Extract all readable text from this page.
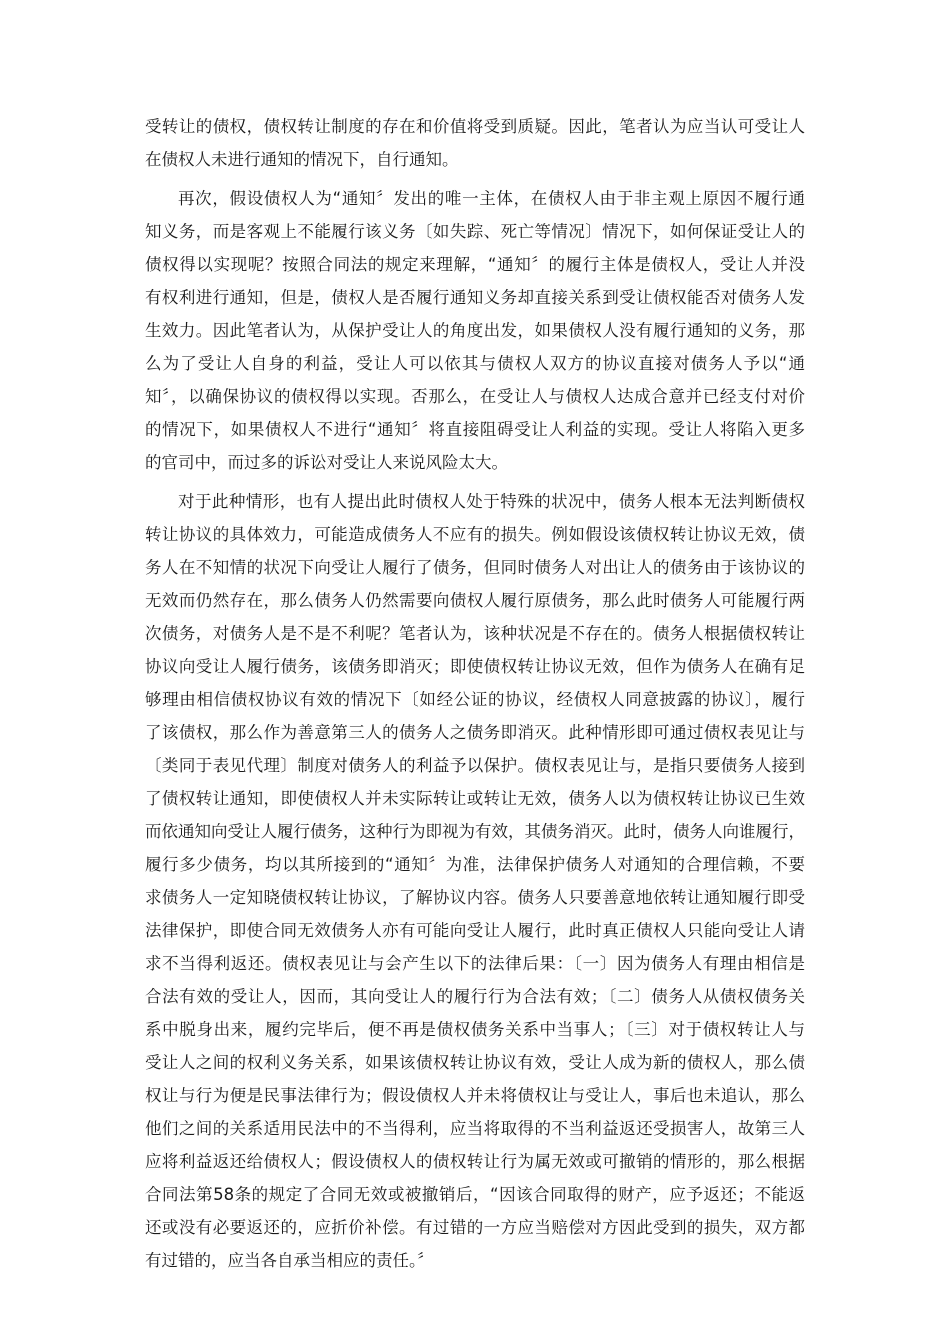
受转让的债权，债权转让制度的存在和价值将受到质疑。因此，笔者认为应当认可受让人
在债权人未进行通知的情况下，自行通知。
再次，假设债权人为“通知〞发出的唯一主体，在债权人由于非主观上原因不履行通
知义务，而是客观上不能履行该义务〔如失踪、死亡等情况〕情况下，如何保证受让人的
债权得以实现呢？按照合同法的规定来理解，“通知〞的履行主体是债权人，受让人并没
有权利进行通知，但是，债权人是否履行通知义务却直接关系到受让债权能否对债务人发
生效力。因此笔者认为，从保护受让人的角度出发，如果债权人没有履行通知的义务，那
么为了受让人自身的利益，受让人可以依其与债权人双方的协议直接对债务人予以“通
知〞，以确保协议的债权得以实现。否那么，在受让人与债权人达成合意并已经支付对价
的情况下，如果债权人不进行“通知〞将直接阻碍受让人利益的实现。受让人将陷入更多
的官司中，而过多的诉讼对受让人来说风险太大。
对于此种情形，也有人提出此时债权人处于特殊的状况中，债务人根本无法判断债权
转让协议的具体效力，可能造成债务人不应有的损失。例如假设该债权转让协议无效，债
务人在不知情的状况下向受让人履行了债务，但同时债务人对出让人的债务由于该协议的
无效而仍然存在，那么债务人仍然需要向债权人履行原债务，那么此时债务人可能履行两
次债务，对债务人是不是不利呢？笔者认为，该种状况是不存在的。债务人根据债权转让
协议向受让人履行债务，该债务即消灭；即使债权转让协议无效，但作为债务人在确有足
够理由相信债权协议有效的情况下〔如经公证的协议，经债权人同意披露的协议〕，履行
了该债权，那么作为善意第三人的债务人之债务即消灭。此种情形即可通过债权表见让与
〔类同于表见代理〕制度对债务人的利益予以保护。债权表见让与，是指只要债务人接到
了债权转让通知，即使债权人并未实际转让或转让无效，债务人以为债权转让协议已生效
而依通知向受让人履行债务，这种行为即视为有效，其债务消灭。此时，债务人向谁履行，
履行多少债务，均以其所接到的“通知〞为准，法律保护债务人对通知的合理信赖，不要
求债务人一定知晓债权转让协议，了解协议内容。债务人只要善意地依转让通知履行即受
法律保护，即使合同无效债务人亦有可能向受让人履行，此时真正债权人只能向受让人请
求不当得利返还。债权表见让与会产生以下的法律后果：〔一〕因为债务人有理由相信是
合法有效的受让人，因而，其向受让人的履行行为合法有效；〔二〕债务人从债权债务关
系中脱身出来，履约完毕后，便不再是债权债务关系中当事人；〔三〕对于债权转让人与
受让人之间的权利义务关系，如果该债权转让协议有效，受让人成为新的债权人，那么债
权让与行为便是民事法律行为；假设债权人并未将债权让与受让人，事后也未追认，那么
他们之间的关系适用民法中的不当得利，应当将取得的不当利益返还受损害人，故第三人
应将利益返还给债权人；假设债权人的债权转让行为属无效或可撤销的情形的，那么根据
合同法第58条的规定了合同无效或被撤销后，“因该合同取得的财产，应予返还；不能返
还或没有必要返还的，应折价补偿。有过错的一方应当赔偿对方因此受到的损失，双方都
有过错的，应当各自承当相应的责任。〞
